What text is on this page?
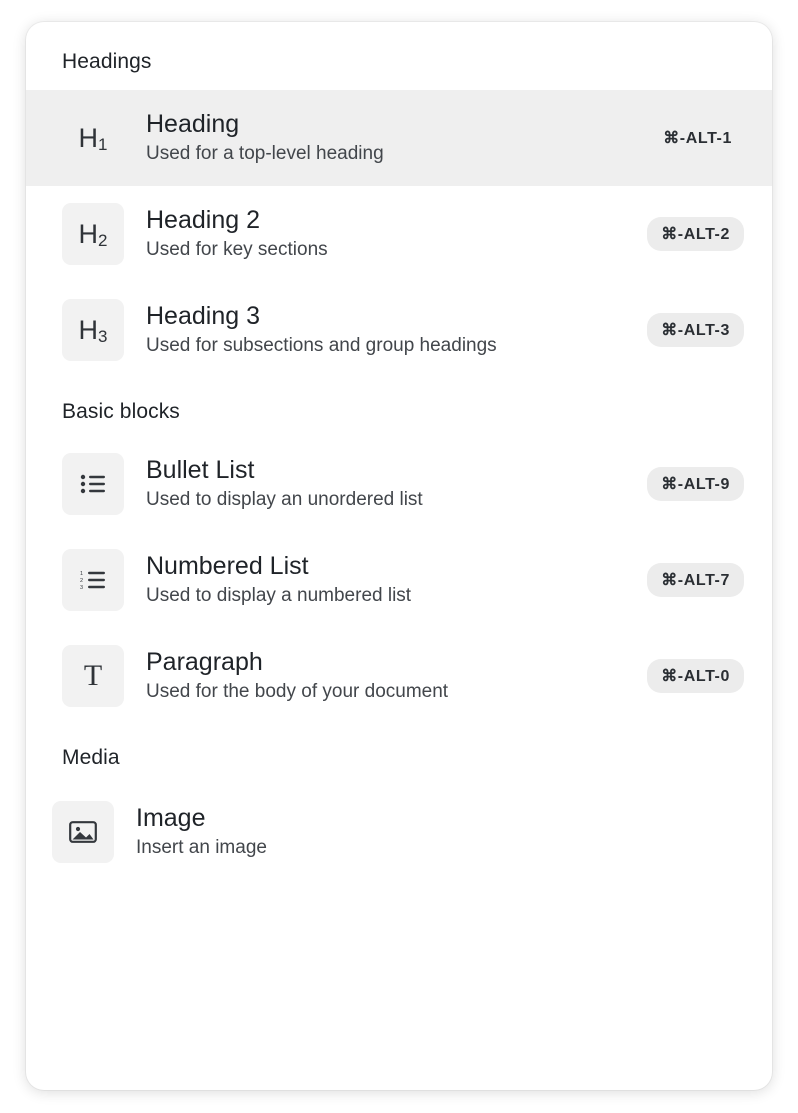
Headings
$H_1$
Heading
Used for a top-level heading
⌘-ALT-1
$H_2$
Heading 2
Used for key sections
⌘-ALT-2
$H_3$
Heading 3
Used for subsections and group headings
⌘-ALT-3
Basic blocks
Bullet List
Used to display an unordered list
⌘-ALT-9
1
2
3
Numbered List
Used to display a numbered list
⌘-ALT-7
T Paragraph
Used for the body of your document
⌘-ALT-0
Media
Image
Insert an image
